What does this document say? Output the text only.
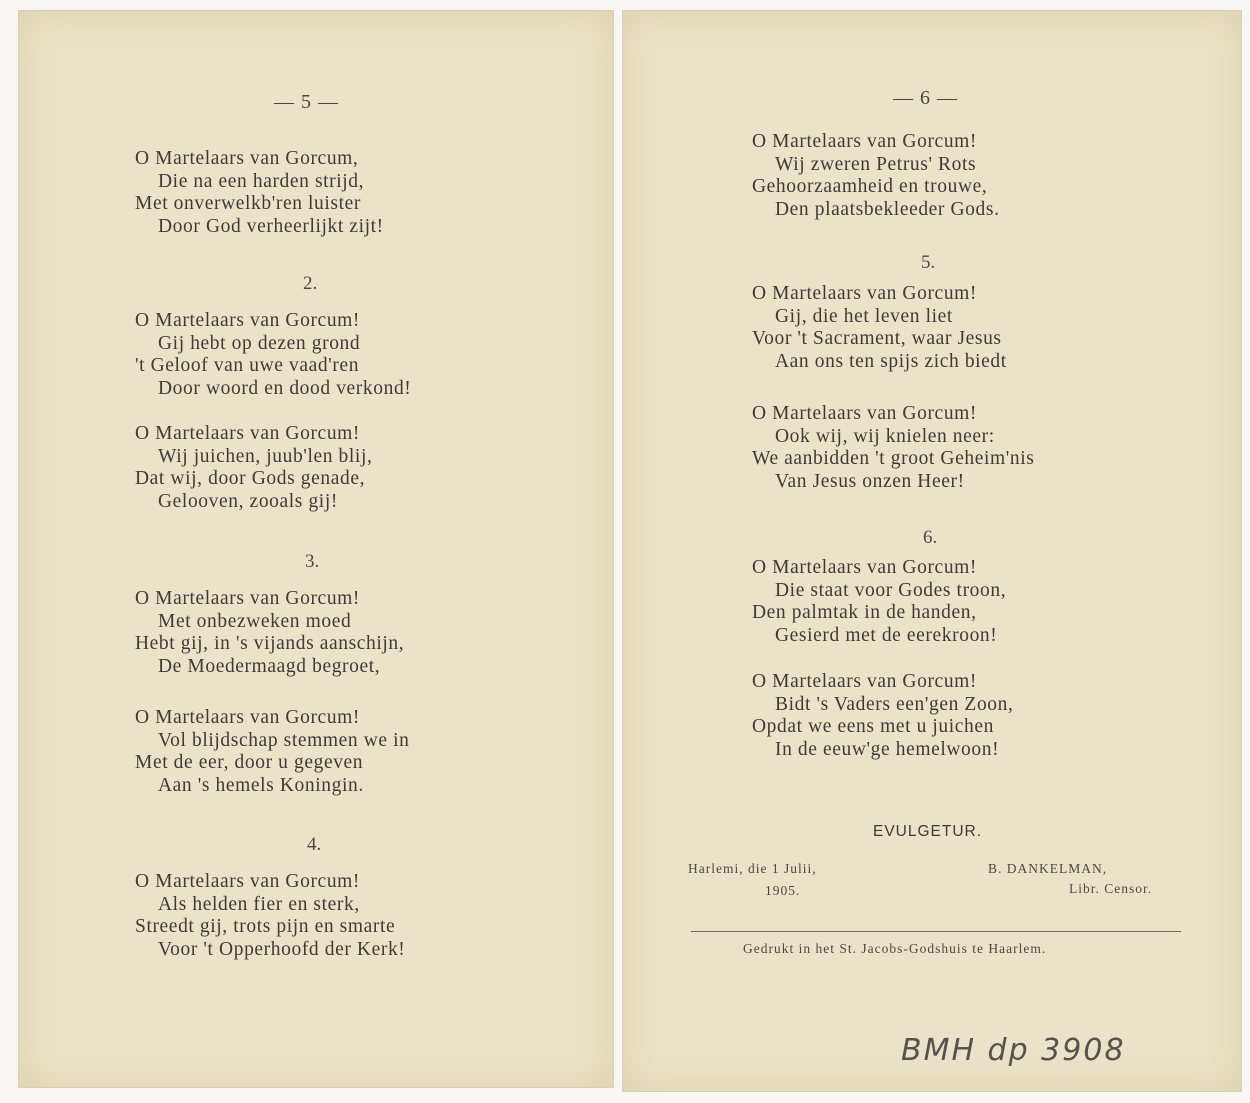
— 5 —
O Martelaars van Gorcum,
Die na een harden strijd,
Met onverwelkb'ren luister
Door God verheerlijkt zijt!
2.
O Martelaars van Gorcum!
Gij hebt op dezen grond
't Geloof van uwe vaad'ren
Door woord en dood verkond!
O Martelaars van Gorcum!
Wij juichen, juub'len blij,
Dat wij, door Gods genade,
Gelooven, zooals gij!
3.
O Martelaars van Gorcum!
Met onbezweken moed
Hebt gij, in 's vijands aanschijn,
De Moedermaagd begroet,
O Martelaars van Gorcum!
Vol blijdschap stemmen we in
Met de eer, door u gegeven
Aan 's hemels Koningin.
4.
O Martelaars van Gorcum!
Als helden fier en sterk,
Streedt gij, trots pijn en smarte
Voor 't Opperhoofd der Kerk!
— 6 —
O Martelaars van Gorcum!
Wij zweren Petrus' Rots
Gehoorzaamheid en trouwe,
Den plaatsbekleeder Gods.
5.
O Martelaars van Gorcum!
Gij, die het leven liet
Voor 't Sacrament, waar Jesus
Aan ons ten spijs zich biedt
O Martelaars van Gorcum!
Ook wij, wij knielen neer:
We aanbidden 't groot Geheim'nis
Van Jesus onzen Heer!
6.
O Martelaars van Gorcum!
Die staat voor Godes troon,
Den palmtak in de handen,
Gesierd met de eerekroon!
O Martelaars van Gorcum!
Bidt 's Vaders een'gen Zoon,
Opdat we eens met u juichen
In de eeuw'ge hemelwoon!
EVULGETUR.
Harlemi, die 1 Julii,
1905.
B. DANKELMAN,
Libr. Censor.
Gedrukt in het St. Jacobs-Godshuis te Haarlem.
BMH dp 3908
